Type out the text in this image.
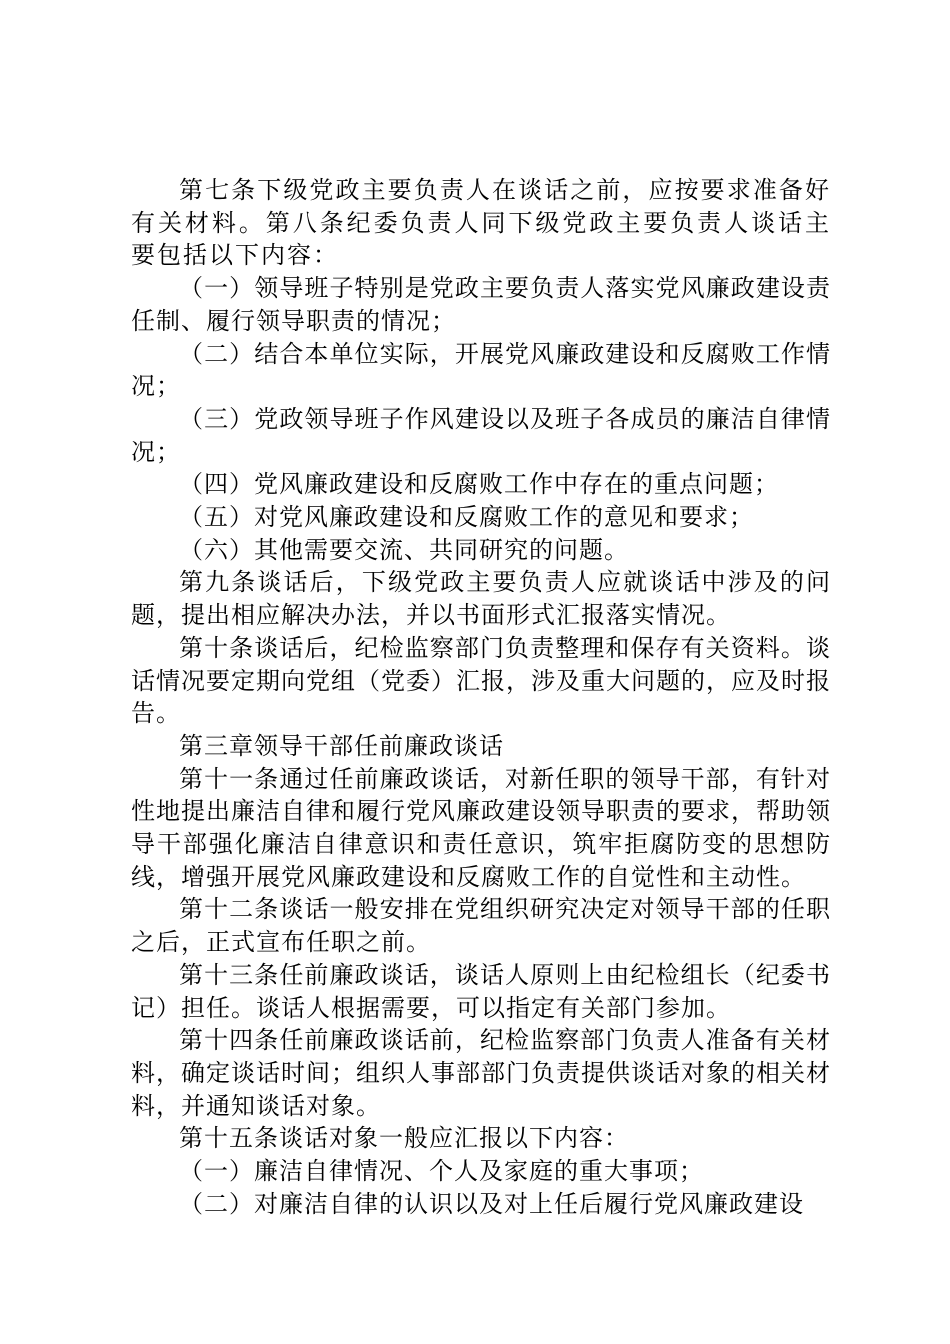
第七条下级党政主要负责人在谈话之前，应按要求准备好有关材料。第八条纪委负责人同下级党政主要负责人谈话主要包括以下内容：

（一）领导班子特别是党政主要负责人落实党风廉政建设责任制、履行领导职责的情况；

（二）结合本单位实际，开展党风廉政建设和反腐败工作情况；

（三）党政领导班子作风建设以及班子各成员的廉洁自律情况；

（四）党风廉政建设和反腐败工作中存在的重点问题；

（五）对党风廉政建设和反腐败工作的意见和要求；

（六）其他需要交流、共同研究的问题。

第九条谈话后，下级党政主要负责人应就谈话中涉及的问题，提出相应解决办法，并以书面形式汇报落实情况。

第十条谈话后，纪检监察部门负责整理和保存有关资料。谈话情况要定期向党组（党委）汇报，涉及重大问题的，应及时报告。

第三章领导干部任前廉政谈话

第十一条通过任前廉政谈话，对新任职的领导干部，有针对性地提出廉洁自律和履行党风廉政建设领导职责的要求，帮助领导干部强化廉洁自律意识和责任意识，筑牢拒腐防变的思想防线，增强开展党风廉政建设和反腐败工作的自觉性和主动性。

第十二条谈话一般安排在党组织研究决定对领导干部的任职之后，正式宣布任职之前。

第十三条任前廉政谈话，谈话人原则上由纪检组长（纪委书记）担任。谈话人根据需要，可以指定有关部门参加。

第十四条任前廉政谈话前，纪检监察部门负责人准备有关材料，确定谈话时间；组织人事部部门负责提供谈话对象的相关材料，并通知谈话对象。

第十五条谈话对象一般应汇报以下内容：

（一）廉洁自律情况、个人及家庭的重大事项；

（二）对廉洁自律的认识以及对上任后履行党风廉政建设
